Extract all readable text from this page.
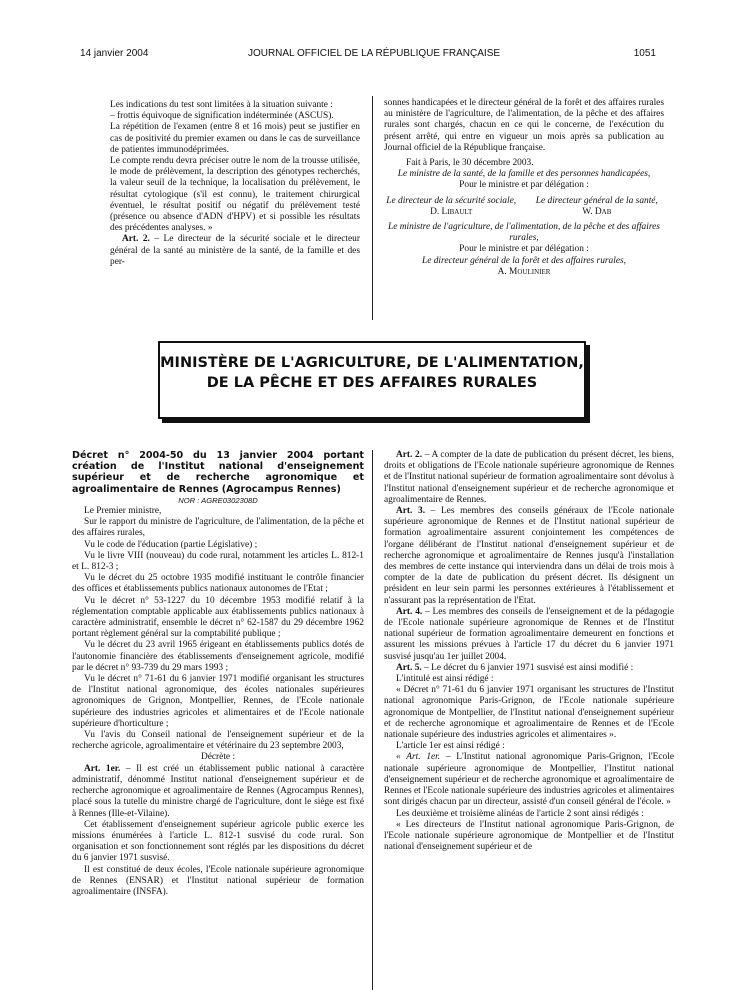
14 janvier 2004	JOURNAL OFFICIEL DE LA RÉPUBLIQUE FRANÇAISE	1051

Les indications du test sont limitées à la situation suivante :

– frottis équivoque de signification indéterminée (ASCUS).

La répétition de l'examen (entre 8 et 16 mois) peut se justifier en cas de positivité du premier examen ou dans le cas de surveillance de patientes immunodéprimées.

Le compte rendu devra préciser outre le nom de la trousse utilisée, le mode de prélèvement, la description des génotypes recherchés, la valeur seuil de la technique, la localisation du prélèvement, le résultat cytologique (s'il est connu), le traitement chirurgical éventuel, le résultat positif ou négatif du prélèvement testé (présence ou absence d'ADN d'HPV) et si possible les résultats des précédentes analyses. »

Art. 2. – Le directeur de la sécurité sociale et le directeur général de la santé au ministère de la santé, de la famille et des per-

sonnes handicapées et le directeur général de la forêt et des affaires rurales au ministère de l'agriculture, de l'alimentation, de la pêche et des affaires rurales sont chargés, chacun en ce qui le concerne, de l'exécution du présent arrêté, qui entre en vigueur un mois après sa publication au Journal officiel de la République française.

Fait à Paris, le 30 décembre 2003.

Le ministre de la santé, de la famille et des personnes handicapées,

Pour le ministre et par délégation :

Le directeur de la sécurité sociale,
D. Libault
Le directeur général de la santé,
W. Dab

Le ministre de l'agriculture, de l'alimentation, de la pêche et des affaires rurales,

Pour le ministre et par délégation :

Le directeur général de la forêt et des affaires rurales,

A. Moulinier

MINISTÈRE DE L'AGRICULTURE, DE L'ALIMENTATION,
DE LA PÊCHE ET DES AFFAIRES RURALES

Décret n° 2004-50 du 13 janvier 2004 portant création de l'Institut national d'enseignement supérieur et de recherche agronomique et agroalimentaire de Rennes (Agrocampus Rennes)

NOR : AGRE0302308D

Le Premier ministre,

Sur le rapport du ministre de l'agriculture, de l'alimentation, de la pêche et des affaires rurales,

Vu le code de l'éducation (partie Législative) ;

Vu le livre VIII (nouveau) du code rural, notamment les articles L. 812-1 et L. 812-3 ;

Vu le décret du 25 octobre 1935 modifié instituant le contrôle financier des offices et établissements publics nationaux autonomes de l'Etat ;

Vu le décret n° 53-1227 du 10 décembre 1953 modifié relatif à la réglementation comptable applicable aux établissements publics nationaux à caractère administratif, ensemble le décret n° 62-1587 du 29 décembre 1962 portant règlement général sur la comptabilité publique ;

Vu le décret du 23 avril 1965 érigeant en établissements publics dotés de l'autonomie financière des établissements d'enseignement agricole, modifié par le décret n° 93-739 du 29 mars 1993 ;

Vu le décret n° 71-61 du 6 janvier 1971 modifié organisant les structures de l'Institut national agronomique, des écoles nationales supérieures agronomiques de Grignon, Montpellier, Rennes, de l'Ecole nationale supérieure des industries agricoles et alimentaires et de l'Ecole nationale supérieure d'horticulture ;

Vu l'avis du Conseil national de l'enseignement supérieur et de la recherche agricole, agroalimentaire et vétérinaire du 23 septembre 2003,

Décrète :

Art. 1er. – Il est créé un établissement public national à caractère administratif, dénommé Institut national d'enseignement supérieur et de recherche agronomique et agroalimentaire de Rennes (Agrocampus Rennes), placé sous la tutelle du ministre chargé de l'agriculture, dont le siège est fixé à Rennes (Ille-et-Vilaine).

Cet établissement d'enseignement supérieur agricole public exerce les missions énumérées à l'article L. 812-1 susvisé du code rural. Son organisation et son fonctionnement sont réglés par les dispositions du décret du 6 janvier 1971 susvisé.

Il est constitué de deux écoles, l'Ecole nationale supérieure agronomique de Rennes (ENSAR) et l'Institut national supérieur de formation agroalimentaire (INSFA).

Art. 2. – A compter de la date de publication du présent décret, les biens, droits et obligations de l'Ecole nationale supérieure agronomique de Rennes et de l'Institut national supérieur de formation agroalimentaire sont dévolus à l'Institut national d'enseignement supérieur et de recherche agronomique et agroalimentaire de Rennes.

Art. 3. – Les membres des conseils généraux de l'Ecole nationale supérieure agronomique de Rennes et de l'Institut national supérieur de formation agroalimentaire assurent conjointement les compétences de l'organe délibérant de l'Institut national d'enseignement supérieur et de recherche agronomique et agroalimentaire de Rennes jusqu'à l'installation des membres de cette instance qui interviendra dans un délai de trois mois à compter de la date de publication du présent décret. Ils désignent un président en leur sein parmi les personnes extérieures à l'établissement et n'assurant pas la représentation de l'Etat.

Art. 4. – Les membres des conseils de l'enseignement et de la pédagogie de l'Ecole nationale supérieure agronomique de Rennes et de l'Institut national supérieur de formation agroalimentaire demeurent en fonctions et assurent les missions prévues à l'article 17 du décret du 6 janvier 1971 susvisé jusqu'au 1er juillet 2004.

Art. 5. – Le décret du 6 janvier 1971 susvisé est ainsi modifié :

L'intitulé est ainsi rédigé :

« Décret n° 71-61 du 6 janvier 1971 organisant les structures de l'Institut national agronomique Paris-Grignon, de l'Ecole nationale supérieure agronomique de Montpellier, de l'Institut national d'enseignement supérieur et de recherche agronomique et agroalimentaire de Rennes et de l'Ecole nationale supérieure des industries agricoles et alimentaires ».

L'article 1er est ainsi rédigé :

« Art. 1er. – L'Institut national agronomique Paris-Grignon, l'Ecole nationale supérieure agronomique de Montpellier, l'Institut national d'enseignement supérieur et de recherche agronomique et agroalimentaire de Rennes et l'Ecole nationale supérieure des industries agricoles et alimentaires sont dirigés chacun par un directeur, assisté d'un conseil général de l'école. »

Les deuxième et troisième alinéas de l'article 2 sont ainsi rédigés :

« Les directeurs de l'Institut national agronomique Paris-Grignon, de l'Ecole nationale supérieure agronomique de Montpellier et de l'Institut national d'enseignement supérieur et de
